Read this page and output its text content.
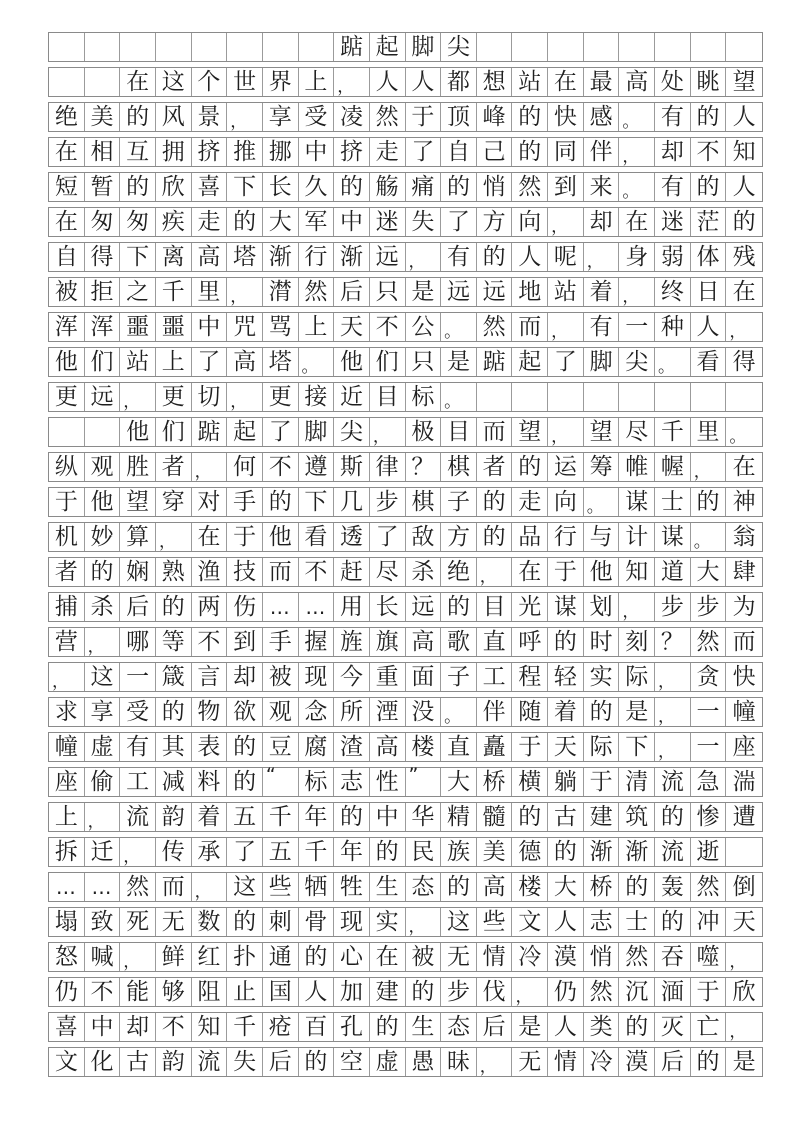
踮 起 脚 尖
在 这 个 世 界 上 ， 人 人 都 想 站 在 最 高 处 眺 望
绝 美 的 风 景 ， 享 受 凌 然 于 顶 峰 的 快 感 。 有 的 人
在 相 互 拥 挤 推 挪 中 挤 走 了 自 己 的 同 伴 ， 却 不 知
短 暂 的 欣 喜 下 长 久 的 觞 痛 的 悄 然 到 来 。 有 的 人
在 匆 匆 疾 走 的 大 军 中 迷 失 了 方 向 ， 却 在 迷 茫 的
自 得 下 离 高 塔 渐 行 渐 远 ， 有 的 人 呢 ， 身 弱 体 残
被 拒 之 千 里 ， 潸 然 后 只 是 远 远 地 站 着 ， 终 日 在
浑 浑 噩 噩 中 咒 骂 上 天 不 公 。 然 而 ， 有 一 种 人 ，
他 们 站 上 了 高 塔 。 他 们 只 是 踮 起 了 脚 尖 。 看 得
更 远 ， 更 切 ， 更 接 近 目 标 。
他 们 踮 起 了 脚 尖 ， 极 目 而 望 ， 望 尽 千 里 。
纵 观 胜 者 ， 何 不 遵 斯 律 ？ 棋 者 的 运 筹 帷 幄 ， 在
于 他 望 穿 对 手 的 下 几 步 棋 子 的 走 向 。 谋 士 的 神
机 妙 算 ， 在 于 他 看 透 了 敌 方 的 品 行 与 计 谋 。 翁
者 的 娴 熟 渔 技 而 不 赶 尽 杀 绝 ， 在 于 他 知 道 大 肆
捕 杀 后 的 两 伤 … … 用 长 远 的 目 光 谋 划 ， 步 步 为
营 ， 哪 等 不 到 手 握 旌 旗 高 歌 直 呼 的 时 刻 ？ 然 而
， 这 一 箴 言 却 被 现 今 重 面 子 工 程 轻 实 际 ， 贪 快
求 享 受 的 物 欲 观 念 所 湮 没 。 伴 随 着 的 是 ， 一 幢
幢 虚 有 其 表 的 豆 腐 渣 高 楼 直 矗 于 天 际 下 ， 一 座
座 偷 工 减 料 的 “ 标 志 性 ” 大 桥 横 躺 于 清 流 急 湍
上 ， 流 韵 着 五 千 年 的 中 华 精 髓 的 古 建 筑 的 惨 遭
拆 迁 ， 传 承 了 五 千 年 的 民 族 美 德 的 渐 渐 流 逝
… … 然 而 ， 这 些 牺 牲 生 态 的 高 楼 大 桥 的 轰 然 倒
塌 致 死 无 数 的 刺 骨 现 实 ， 这 些 文 人 志 士 的 冲 天
怒 喊 ， 鲜 红 扑 通 的 心 在 被 无 情 冷 漠 悄 然 吞 噬 ，
仍 不 能 够 阻 止 国 人 加 建 的 步 伐 ， 仍 然 沉 湎 于 欣
喜 中 却 不 知 千 疮 百 孔 的 生 态 后 是 人 类 的 灭 亡 ，
文 化 古 韵 流 失 后 的 空 虚 愚 昧 ， 无 情 冷 漠 后 的 是
